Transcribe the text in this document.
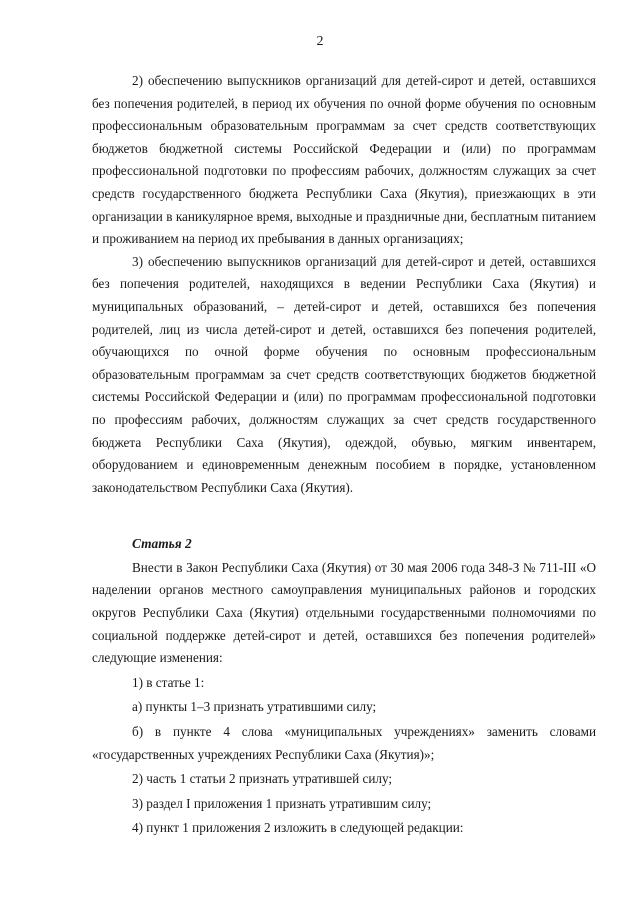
2

2) обеспечению выпускников организаций для детей-сирот и детей, оставшихся без попечения родителей, в период их обучения по очной форме обучения по основным профессиональным образовательным программам за счет средств соответствующих бюджетов бюджетной системы Российской Федерации и (или) по программам профессиональной подготовки по профессиям рабочих, должностям служащих за счет средств государственного бюджета Республики Саха (Якутия), приезжающих в эти организации в каникулярное время, выходные и праздничные дни, бесплатным питанием и проживанием на период их пребывания в данных организациях;

3) обеспечению выпускников организаций для детей-сирот и детей, оставшихся без попечения родителей, находящихся в ведении Республики Саха (Якутия) и муниципальных образований, – детей-сирот и детей, оставшихся без попечения родителей, лиц из числа детей-сирот и детей, оставшихся без попечения родителей, обучающихся по очной форме обучения по основным профессиональным образовательным программам за счет средств соответствующих бюджетов бюджетной системы Российской Федерации и (или) по программам профессиональной подготовки по профессиям рабочих, должностям служащих за счет средств государственного бюджета Республики Саха (Якутия), одеждой, обувью, мягким инвентарем, оборудованием и единовременным денежным пособием в порядке, установленном законодательством Республики Саха (Якутия).

Статья 2

Внести в Закон Республики Саха (Якутия) от 30 мая 2006 года 348-З № 711-III «О наделении органов местного самоуправления муниципальных районов и городских округов Республики Саха (Якутия) отдельными государственными полномочиями по социальной поддержке детей-сирот и детей, оставшихся без попечения родителей» следующие изменения:

1) в статье 1:

а) пункты 1–3 признать утратившими силу;

б) в пункте 4 слова «муниципальных учреждениях» заменить словами «государственных учреждениях Республики Саха (Якутия)»;

2) часть 1 статьи 2 признать утратившей силу;

3) раздел I приложения 1 признать утратившим силу;

4) пункт 1 приложения 2 изложить в следующей редакции:
